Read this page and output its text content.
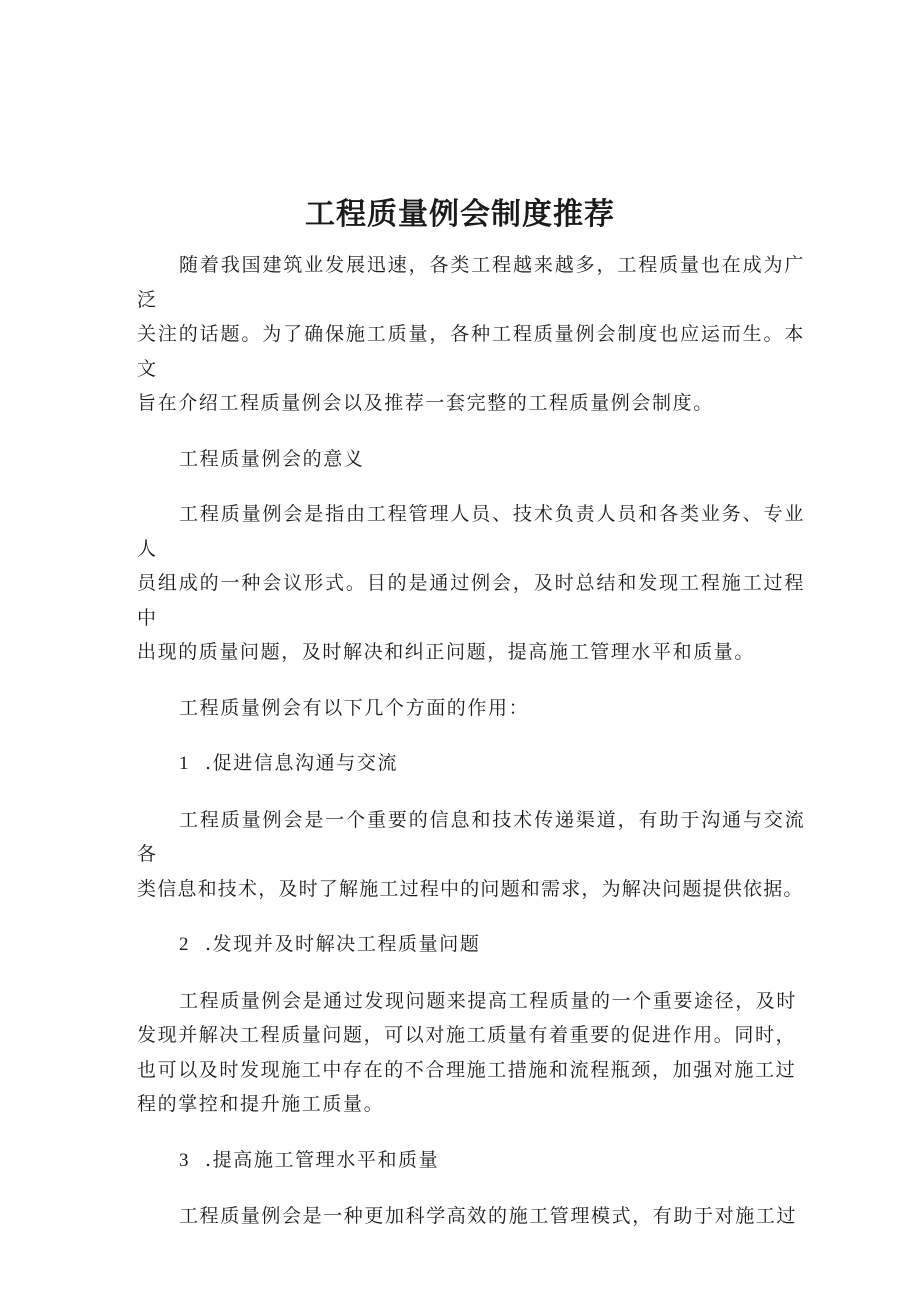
工程质量例会制度推荐

随着我国建筑业发展迅速，各类工程越来越多，工程质量也在成为广泛
关注的话题。为了确保施工质量，各种工程质量例会制度也应运而生。本文
旨在介绍工程质量例会以及推荐一套完整的工程质量例会制度。

工程质量例会的意义

工程质量例会是指由工程管理人员、技术负责人员和各类业务、专业人
员组成的一种会议形式。目的是通过例会，及时总结和发现工程施工过程中
出现的质量问题，及时解决和纠正问题，提高施工管理水平和质量。

工程质量例会有以下几个方面的作用：

1 .促进信息沟通与交流

工程质量例会是一个重要的信息和技术传递渠道，有助于沟通与交流各
类信息和技术，及时了解施工过程中的问题和需求，为解决问题提供依据。

2 .发现并及时解决工程质量问题

工程质量例会是通过发现问题来提高工程质量的一个重要途径，及时
发现并解决工程质量问题，可以对施工质量有着重要的促进作用。同时，
也可以及时发现施工中存在的不合理施工措施和流程瓶颈，加强对施工过
程的掌控和提升施工质量。

3 .提高施工管理水平和质量

工程质量例会是一种更加科学高效的施工管理模式，有助于对施工过
